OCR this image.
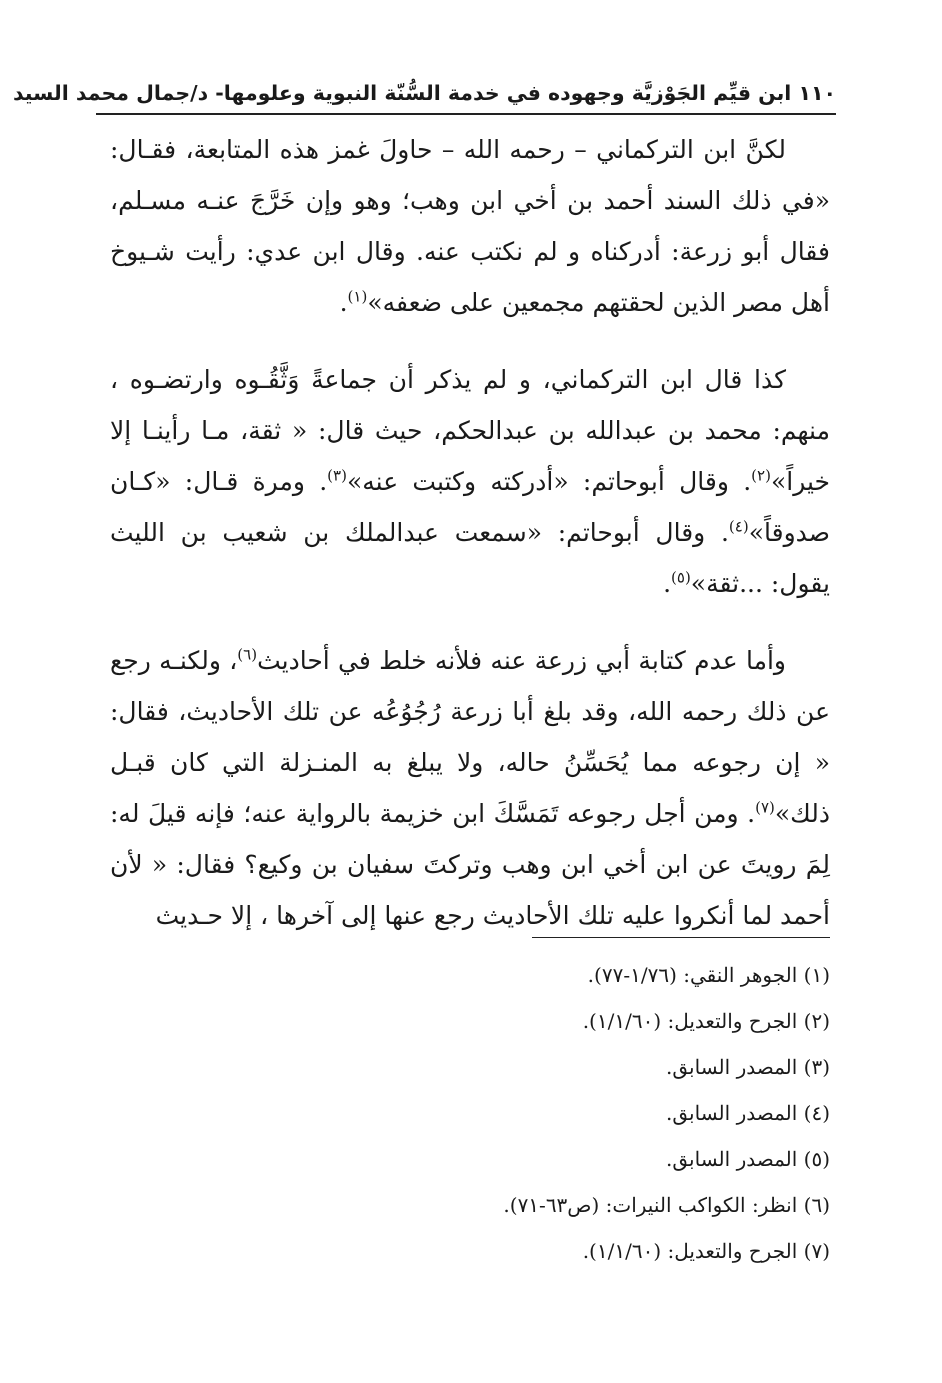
١١٠ ابن قيِّم الجَوْزيَّة وجهوده في خدمة السُّنّة النبوية وعلومها- د/جمال محمد السيد

لكنَّ ابن التركماني – رحمه الله – حاولَ غمز هذه المتابعة، فقـال: «في ذلك السند أحمد بن أخي ابن وهب؛ وهو وإن خَرَّجَ عنـه مسـلم، فقال أبو زرعة: أدركناه و لم نكتب عنه. وقال ابن عدي: رأيت شـيوخ أهل مصر الذين لحقتهم مجمعين على ضعفه»$^{(١)}$.

كذا قال ابن التركماني، و لم يذكر أن جماعةً وَثَّقُـوه وارتضـوه ، منهم: محمد بن عبدالله بن عبدالحكم، حيث قال: « ثقة، مـا رأينـا إلا خيراً»$^{(٢)}$. وقال أبوحاتم: «أدركته وكتبت عنه»$^{(٣)}$. ومرة قـال: «كـان صدوقاً»$^{(٤)}$. وقال أبوحاتم: «سمعت عبدالملك بن شعيب بن الليث يقول: ...ثقة»$^{(٥)}$.

وأما عدم كتابة أبي زرعة عنه فلأنه خلط في أحاديث$^{(٦)}$، ولكنـه رجع عن ذلك رحمه الله، وقد بلغ أبا زرعة رُجُوُعُه عن تلك الأحاديث، فقال: « إن رجوعه مما يُحَسِّنُ حاله، ولا يبلغ به المنـزلة التي كان قبـل ذلك»$^{(٧)}$. ومن أجل رجوعه تَمَسَّكَ ابن خزيمة بالرواية عنه؛ فإنه قيلَ له: لِمَ رويتَ عن ابن أخي ابن وهب وتركتَ سفيان بن وكيع؟ فقال: « لأن أحمد لما أنكروا عليه تلك الأحاديث رجع عنها إلى آخرها ، إلا حـديث

(١) الجوهر النقي: (١/٧٦-٧٧).
(٢) الجرح والتعديل: (١/١/٦٠).
(٣) المصدر السابق.
(٤) المصدر السابق.
(٥) المصدر السابق.
(٦) انظر: الكواكب النيرات: (ص٦٣-٧١).
(٧) الجرح والتعديل: (١/١/٦٠).
